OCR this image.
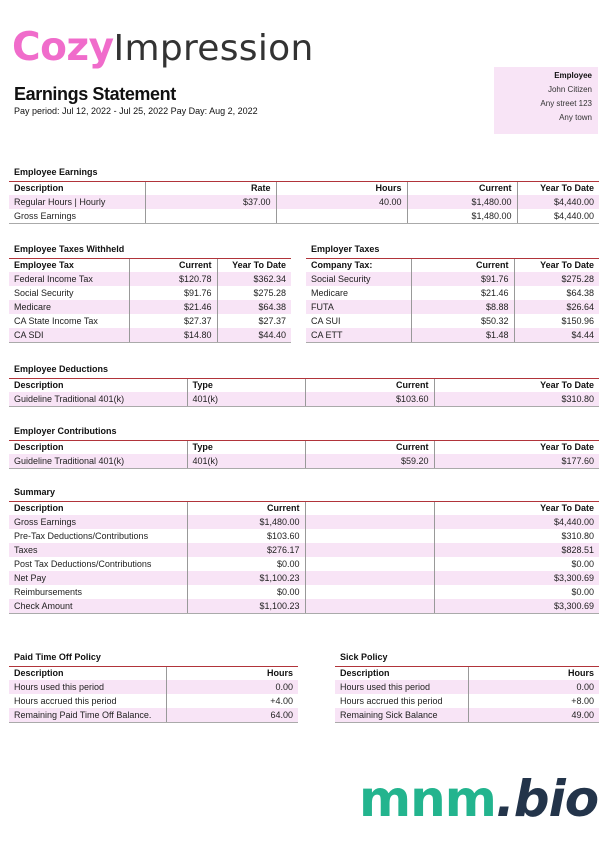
CozyImpression
Earnings Statement
Pay period: Jul 12, 2022 - Jul 25, 2022 Pay Day: Aug 2, 2022
Employee
John Citizen
Any street 123
Any town
Employee Earnings
Description	Rate	Hours	Current	Year To Date
Regular Hours | Hourly	$37.00	40.00	$1,480.00	$4,440.00
Gross Earnings			$1,480.00	$4,440.00
Employee Taxes Withheld
Employee Tax	Current	Year To Date
Federal Income Tax	$120.78	$362.34
Social Security	$91.76	$275.28
Medicare	$21.46	$64.38
CA State Income Tax	$27.37	$27.37
CA SDI	$14.80	$44.40
Employer Taxes
Company Tax:	Current	Year To Date
Social Security	$91.76	$275.28
Medicare	$21.46	$64.38
FUTA	$8.88	$26.64
CA SUI	$50.32	$150.96
CA ETT	$1.48	$4.44
Employee Deductions
Description	Type	Current	Year To Date
Guideline Traditional 401(k)	401(k)	$103.60	$310.80
Employer Contributions
Description	Type	Current	Year To Date
Guideline Traditional 401(k)	401(k)	$59.20	$177.60
Summary
Description	Current		Year To Date
Gross Earnings	$1,480.00		$4,440.00
Pre-Tax Deductions/Contributions	$103.60		$310.80
Taxes	$276.17		$828.51
Post Tax Deductions/Contributions	$0.00		$0.00
Net Pay	$1,100.23		$3,300.69
Reimbursements	$0.00		$0.00
Check Amount	$1,100.23		$3,300.69
Paid Time Off Policy
Description	Hours
Hours used this period	0.00
Hours accrued this period	+4.00
Remaining Paid Time Off Balance.	64.00
Sick Policy
Description	Hours
Hours used this period	0.00
Hours accrued this period	+8.00
Remaining Sick Balance	49.00
mnm.bio
